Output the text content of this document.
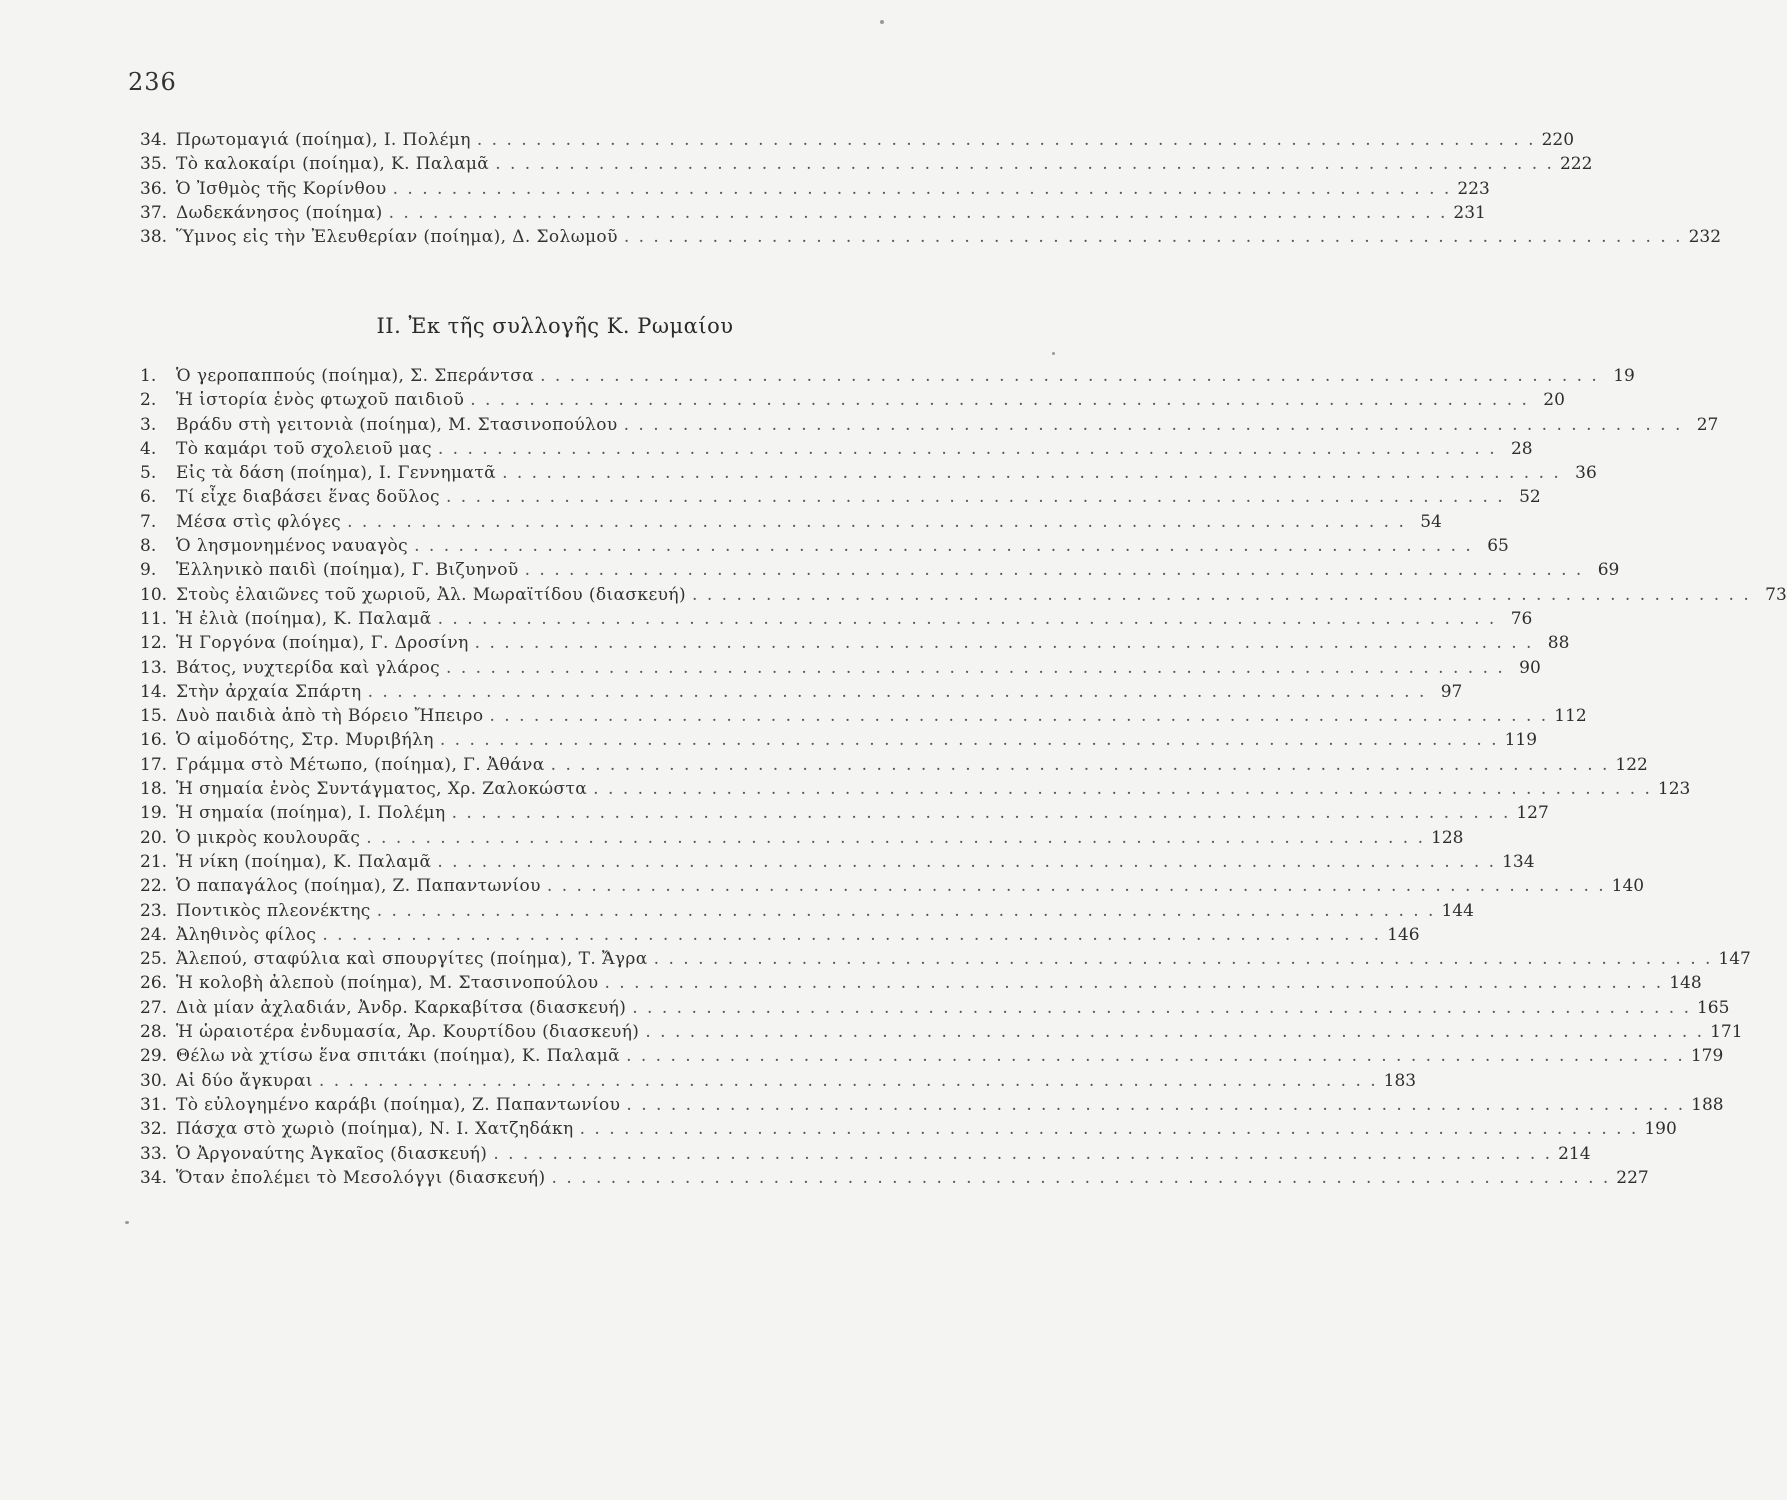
236
34. Πρωτομαγιά (ποίημα), Ι. Πολέμη . . .	220
35. Τὸ καλοκαίρι (ποίημα), Κ. Παλαμᾶ . . .	222
36. Ὁ Ἰσθμὸς τῆς Κορίνθου . . .	223
37. Δωδεκάνησος (ποίημα) . . .	231
38. Ὕμνος εἰς τὴν Ἐλευθερίαν (ποίημα), Δ. Σολωμοῦ . . .	232
II. Ἐκ τῆς συλλογῆς Κ. Ρωμαίου
1.	Ὁ γεροπαππούς (ποίημα), Σ. Σπεράντσα . . .	19
2.	Ἡ ἱστορία ἑνὸς φτωχοῦ παιδιοῦ . . .	20
3.	Βράδυ στὴ γειτονιὰ (ποίημα), Μ. Στασινοπούλου . . .	27
4.	Τὸ καμάρι τοῦ σχολειοῦ μας . . .	28
5.	Εἰς τὰ δάση (ποίημα), Ι. Γεννηματᾶ . . .	36
6.	Τί εἶχε διαβάσει ἕνας δοῦλος . . .	52
7.	Μέσα στὶς φλόγες . . .	54
8.	Ὁ λησμονημένος ναυαγὸς . . .	65
9.	Ἑλληνικὸ παιδὶ (ποίημα), Γ. Βιζυηνοῦ . . .	69
10. Στοὺς ἐλαιῶνες τοῦ χωριοῦ, Ἀλ. Μωραϊτίδου (διασκευή) . . .	73
11. Ἡ ἐλιὰ (ποίημα), Κ. Παλαμᾶ . . .	76
12. Ἡ Γοργόνα (ποίημα), Γ. Δροσίνη . . .	88
13. Βάτος, νυχτερίδα καὶ γλάρος . . .	90
14. Στὴν ἀρχαία Σπάρτη . . .	97
15. Δυὸ παιδιὰ ἀπὸ τὴ Βόρειο Ἤπειρο . . .	112
16. Ὁ αἱμοδότης, Στρ. Μυριβήλη . . .	119
17. Γράμμα στὸ Μέτωπο, (ποίημα), Γ. Ἀθάνα . . .	122
18. Ἡ σημαία ἑνὸς Συντάγματος, Χρ. Ζαλοκώστα . . .	123
19. Ἡ σημαία (ποίημα), Ι. Πολέμη . . .	127
20. Ὁ μικρὸς κουλουρᾶς . . .	128
21. Ἡ νίκη (ποίημα), Κ. Παλαμᾶ . . .	134
22. Ὁ παπαγάλος (ποίημα), Ζ. Παπαντωνίου . . .	140
23. Ποντικὸς πλεονέκτης . . .	144
24. Ἀληθινὸς φίλος . . .	146
25. Ἀλεπού, σταφύλια καὶ σπουργίτες (ποίημα), Τ. Ἄγρα . . .	147
26. Ἡ κολοβὴ ἀλεποὺ (ποίημα), Μ. Στασινοπούλου . . .	148
27. Διὰ μίαν ἀχλαδιάν, Ἀνδρ. Καρκαβίτσα (διασκευή) . . .	165
28. Ἡ ὡραιοτέρα ἐνδυμασία, Ἀρ. Κουρτίδου (διασκευή) . . .	171
29. Θέλω νὰ χτίσω ἕνα σπιτάκι (ποίημα), Κ. Παλαμᾶ . . .	179
30. Αἱ δύο ἄγκυραι . . .	183
31. Τὸ εὐλογημένο καράβι (ποίημα), Ζ. Παπαντωνίου . . .	188
32. Πάσχα στὸ χωριὸ (ποίημα), Ν. Ι. Χατζηδάκη . . .	190
33. Ὁ Ἀργοναύτης Ἀγκαῖος (διασκευή) . . .	214
34. Ὅταν ἐπολέμει τὸ Μεσολόγγι (διασκευή) . . .	227
